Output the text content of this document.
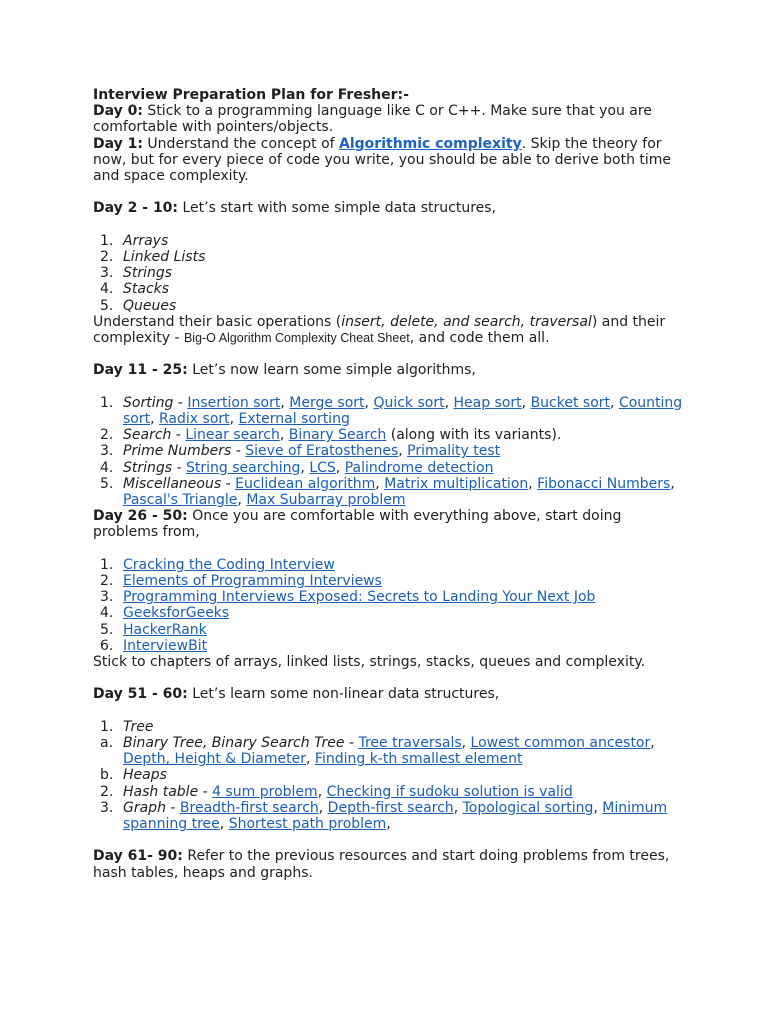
Interview Preparation Plan for Fresher:-

Day 0: Stick to a programming language like C or C++. Make sure that you are comfortable with pointers/objects.

Day 1: Understand the concept of Algorithmic complexity. Skip the theory for now, but for every piece of code you write, you should be able to derive both time and space complexity.

Day 2 - 10: Let’s start with some simple data structures,

1. Arrays
2. Linked Lists
3. Strings
4. Stacks
5. Queues

Understand their basic operations (insert, delete, and search, traversal) and their complexity - Big-O Algorithm Complexity Cheat Sheet, and code them all.

Day 11 - 25: Let’s now learn some simple algorithms,

1. Sorting - Insertion sort, Merge sort, Quick sort, Heap sort, Bucket sort, Counting sort, Radix sort, External sorting
2. Search - Linear search, Binary Search (along with its variants).
3. Prime Numbers - Sieve of Eratosthenes, Primality test
4. Strings - String searching, LCS, Palindrome detection
5. Miscellaneous - Euclidean algorithm, Matrix multiplication, Fibonacci Numbers, Pascal's Triangle, Max Subarray problem

Day 26 - 50: Once you are comfortable with everything above, start doing problems from,

1. Cracking the Coding Interview
2. Elements of Programming Interviews
3. Programming Interviews Exposed: Secrets to Landing Your Next Job
4. GeeksforGeeks
5. HackerRank
6. InterviewBit

Stick to chapters of arrays, linked lists, strings, stacks, queues and complexity.

Day 51 - 60: Let’s learn some non-linear data structures,

1. Tree
a. Binary Tree, Binary Search Tree - Tree traversals, Lowest common ancestor, Depth, Height & Diameter, Finding k-th smallest element
b. Heaps
2. Hash table - 4 sum problem, Checking if sudoku solution is valid
3. Graph - Breadth-first search, Depth-first search, Topological sorting, Minimum spanning tree, Shortest path problem,

Day 61- 90: Refer to the previous resources and start doing problems from trees, hash tables, heaps and graphs.
